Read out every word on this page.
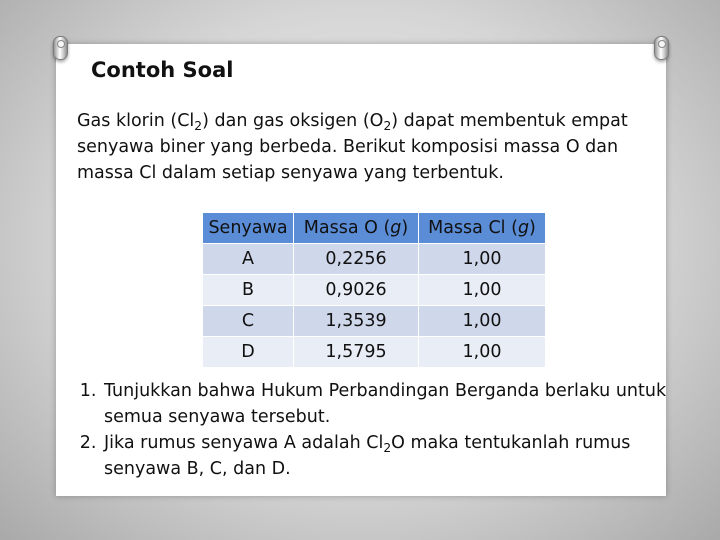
Contoh Soal

Gas klorin $(Cl_2)$ dan gas oksigen $(O_2)$ dapat membentuk empat senyawa biner yang berbeda. Berikut komposisi massa O dan massa Cl dalam setiap senyawa yang terbentuk.

Senyawa	Massa O (g)	Massa Cl (g)
A	0,2256	1,00
B	0,9026	1,00
C	1,3539	1,00
D	1,5795	1,00
1. Tunjukkan bahwa Hukum Perbandingan Berganda berlaku untuk semua senyawa tersebut.
2. Jika rumus senyawa A adalah $Cl_2O$ maka tentukanlah rumus senyawa B, C, dan D.
